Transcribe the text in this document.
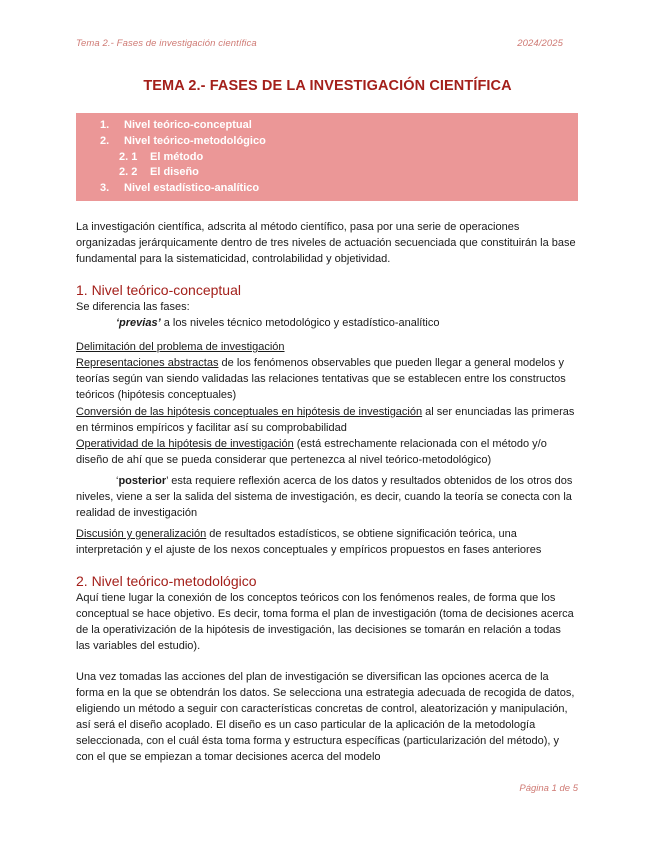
Tema 2.- Fases de investigación científica	2024/2025
TEMA 2.- FASES DE LA INVESTIGACIÓN CIENTÍFICA
1. Nivel teórico-conceptual
2. Nivel teórico-metodológico
2. 1 El método
2. 2 El diseño
3. Nivel estadístico-analítico
La investigación científica, adscrita al método científico, pasa por una serie de operaciones organizadas jerárquicamente dentro de tres niveles de actuación secuenciada que constituirán la base fundamental para la sistematicidad, controlabilidad y objetividad.
1. Nivel teórico-conceptual
Se diferencia las fases:
‘previas’ a los niveles técnico metodológico y estadístico-analítico
Delimitación del problema de investigación
Representaciones abstractas de los fenómenos observables que pueden llegar a general modelos y teorías según van siendo validadas las relaciones tentativas que se establecen entre los constructos teóricos (hipótesis conceptuales)
Conversión de las hipótesis conceptuales en hipótesis de investigación al ser enunciadas las primeras en términos empíricos y facilitar así su comprobabilidad
Operatividad de la hipótesis de investigación (está estrechamente relacionada con el método y/o diseño de ahí que se pueda considerar que pertenezca al nivel teórico-metodológico)
‘posterior’ esta requiere reflexión acerca de los datos y resultados obtenidos de los otros dos niveles, viene a ser la salida del sistema de investigación, es decir, cuando la teoría se conecta con la realidad de investigación
Discusión y generalización de resultados estadísticos, se obtiene significación teórica, una interpretación y el ajuste de los nexos conceptuales y empíricos propuestos en fases anteriores
2. Nivel teórico-metodológico
Aquí tiene lugar la conexión de los conceptos teóricos con los fenómenos reales, de forma que los conceptual se hace objetivo. Es decir, toma forma el plan de investigación (toma de decisiones acerca de la operativización de la hipótesis de investigación, las decisiones se tomarán en relación a todas las variables del estudio).
Una vez tomadas las acciones del plan de investigación se diversifican las opciones acerca de la forma en la que se obtendrán los datos. Se selecciona una estrategia adecuada de recogida de datos, eligiendo un método a seguir con características concretas de control, aleatorización y manipulación, así será el diseño acoplado. El diseño es un caso particular de la aplicación de la metodología seleccionada, con el cuál ésta toma forma y estructura específicas (particularización del método), y con el que se empiezan a tomar decisiones acerca del modelo
Página 1 de 5
